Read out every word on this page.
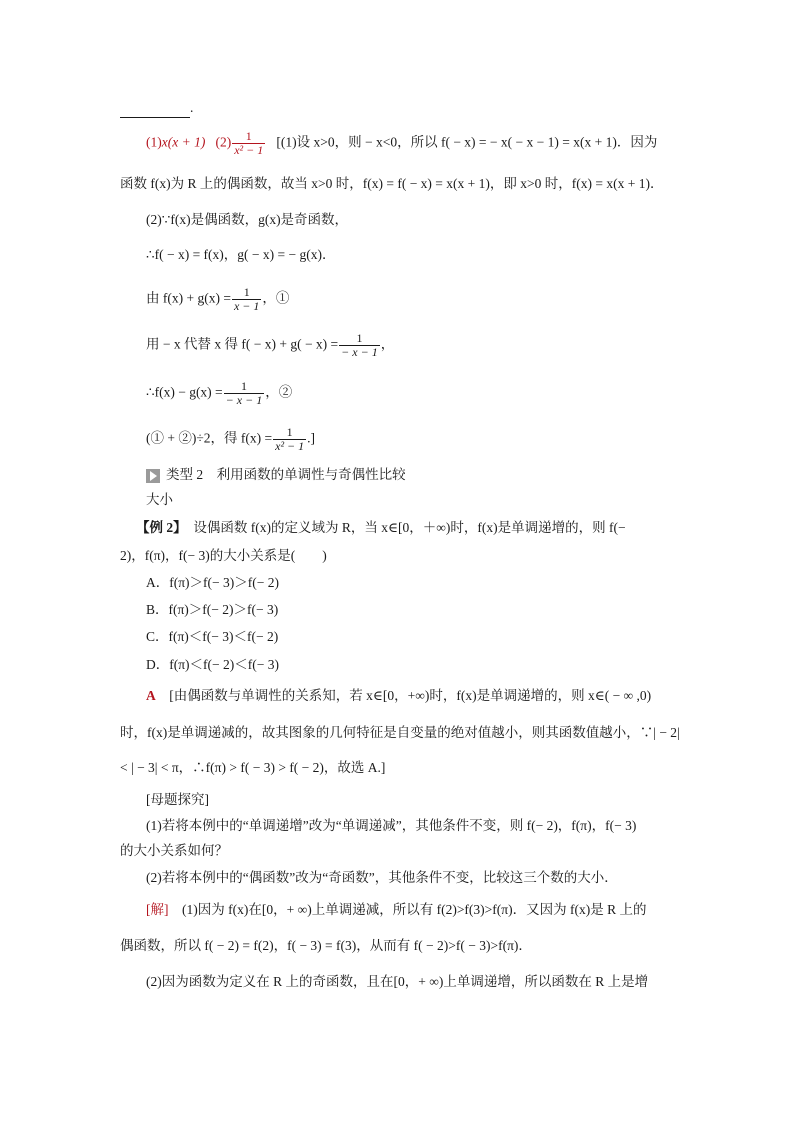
.
(1)x(x + 1) $(2) \frac{1}{\text{x² − 1}} [(1)$设 x>0，则 − x<0，所以 f( − x) = − x( − x − 1) = x(x + 1)．因为
函数 f(x)为 R 上的偶函数，故当 x>0 时，f(x) = f( − x) = x(x + 1)，即 x>0 时，f(x) = x(x + 1)．
(2)∵f(x)是偶函数，g(x)是奇函数，
∴f( − x) = f(x)，g( − x) = − g(x)．
由 $f(x) + g(x) = \frac{1}{x - 1}$ ，①
用 − x 代替 x 得 $f( - x) + g( - x) = \frac{1}{- x - 1}$ ，
∴f(x) − $g(x) = \frac{1}{- x - 1}$ ，②
(① + ②)÷2，得 $f(x) = \frac{1}{\text{x² − 1}}$ .]
类型 2　利用函数的单调性与奇偶性比较
大小
【例 2】　设偶函数 f(x)的定义域为 R，当 x∈[0，＋∞)时，f(x)是单调递增的，则 f(−
2)，f(π)，f(− 3)的大小关系是(　　)
A．f(π)＞f(− 3)＞f(− 2)
B．f(π)＞f(− 2)＞f(− 3)
C．f(π)＜f(− 3)＜f(− 2)
D．f(π)＜f(− 2)＜f(− 3)
A　[由偶函数与单调性的关系知，若 x∈[0，+∞)时，f(x)是单调递增的，则 x∈( − ∞ ,0)
时，f(x)是单调递减的，故其图象的几何特征是自变量的绝对值越小，则其函数值越小，∵| − 2|
< | − 3| < π，∴f(π) > f( − 3) > f( − 2)，故选 A.]
[母题探究]
(1)若将本例中的“单调递增”改为“单调递减”，其他条件不变，则 f(− 2)，f(π)，f(− 3)
的大小关系如何？
(2)若将本例中的“偶函数”改为“奇函数”，其他条件不变，比较这三个数的大小．
[解]　(1)因为 f(x)在[0，+ ∞)上单调递减，所以有 f(2)>f(3)>f(π)．又因为 f(x)是 R 上的
偶函数，所以 f( − 2) = f(2)，f( − 3) = f(3)，从而有 f( − 2)>f( − 3)>f(π)．
(2)因为函数为定义在 R 上的奇函数，且在[0，+ ∞)上单调递增，所以函数在 R 上是增
